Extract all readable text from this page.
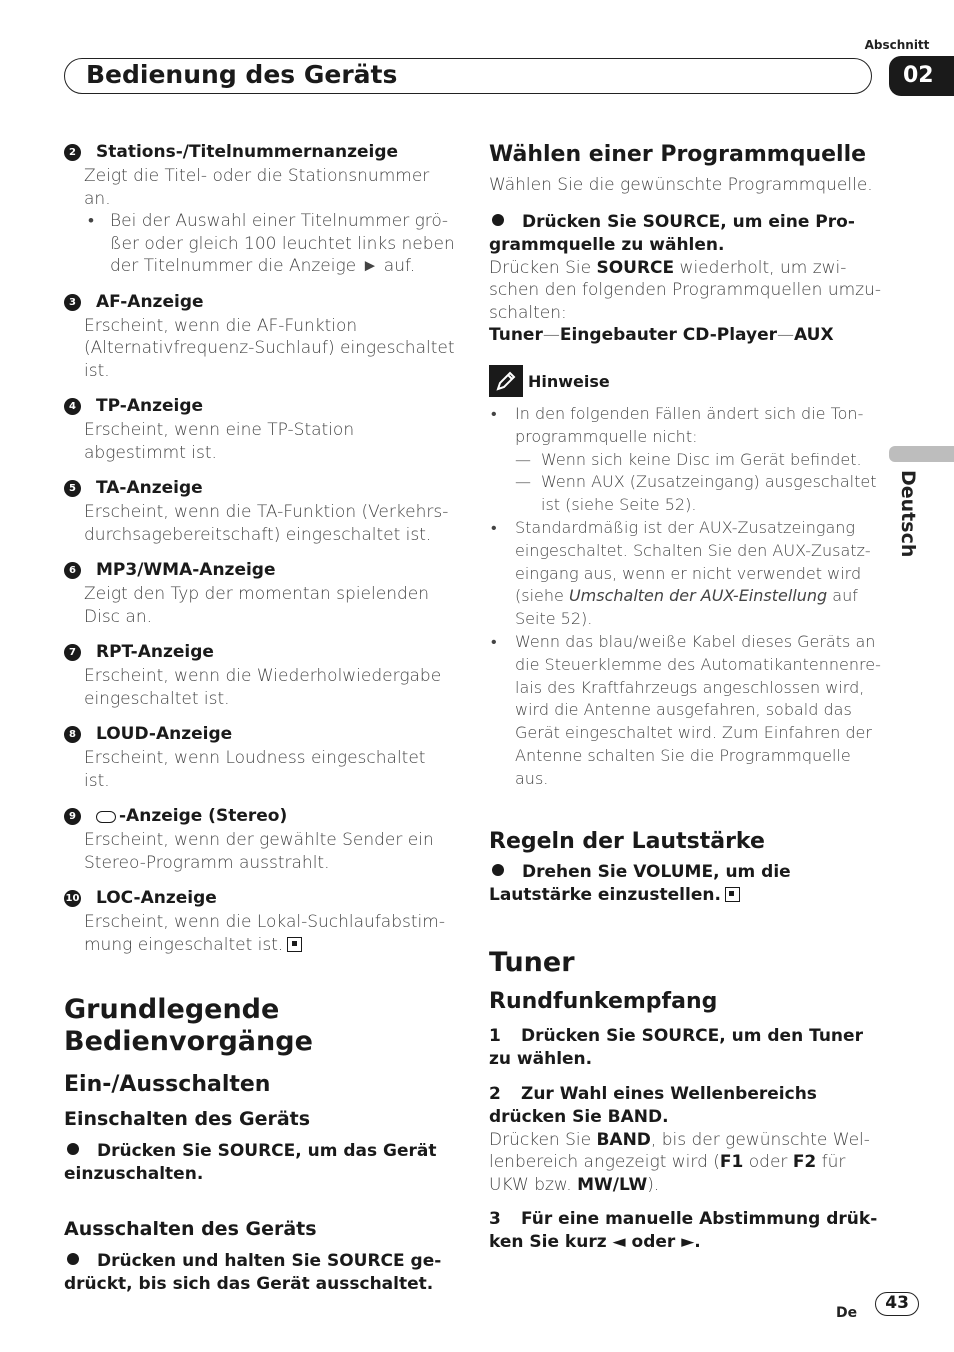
Abschnitt
Bedienung des Geräts	02
Deutsch
2 Stations-/Titelnummernanzeige
Zeigt die Titel- oder die Stationsnummer an.
• Bei der Auswahl einer Titelnummer größer oder gleich 100 leuchtet links neben der Titelnummer die Anzeige ► auf.
3 AF-Anzeige
Erscheint, wenn die AF-Funktion (Alternativfrequenz-Suchlauf) eingeschaltet ist.
4 TP-Anzeige
Erscheint, wenn eine TP-Station abgestimmt ist.
5 TA-Anzeige
Erscheint, wenn die TA-Funktion (Verkehrsdurchsagebereitschaft) eingeschaltet ist.
6 MP3/WMA-Anzeige
Zeigt den Typ der momentan spielenden Disc an.
7 RPT-Anzeige
Erscheint, wenn die Wiederholwiedergabe eingeschaltet ist.
8 LOUD-Anzeige
Erscheint, wenn Loudness eingeschaltet ist.
9	-Anzeige (Stereo)
Erscheint, wenn der gewählte Sender ein Stereo-Programm ausstrahlt.
10 LOC-Anzeige
Erscheint, wenn die Lokal-Suchlaufabstimmung eingeschaltet ist.
Grundlegende Bedienvorgänge
Ein-/Ausschalten
Einschalten des Geräts
Drücken Sie SOURCE, um das Gerät einzuschalten.
Ausschalten des Geräts
Drücken und halten Sie SOURCE gedrückt, bis sich das Gerät ausschaltet.
Wählen einer Programmquelle
Wählen Sie die gewünschte Programmquelle.
Drücken Sie SOURCE, um eine Programmquelle zu wählen.
Drücken Sie SOURCE wiederholt, um zwischen den folgenden Programmquellen umzuschalten:
Tuner—Eingebauter CD-Player—AUX
Hinweise
• In den folgenden Fällen ändert sich die Tonprogrammquelle nicht:
— Wenn sich keine Disc im Gerät befindet.
— Wenn AUX (Zusatzeingang) ausgeschaltet ist (siehe Seite 52).
• Standardmäßig ist der AUX-Zusatzeingang eingeschaltet. Schalten Sie den AUX-Zusatzeingang aus, wenn er nicht verwendet wird (siehe Umschalten der AUX-Einstellung auf Seite 52).
• Wenn das blau/weiße Kabel dieses Geräts an die Steuerklemme des Automatikantennenrelais des Kraftfahrzeugs angeschlossen wird, wird die Antenne ausgefahren, sobald das Gerät eingeschaltet wird. Zum Einfahren der Antenne schalten Sie die Programmquelle aus.
Regeln der Lautstärke
Drehen Sie VOLUME, um die Lautstärke einzustellen.
Tuner
Rundfunkempfang
1 Drücken Sie SOURCE, um den Tuner zu wählen.
2 Zur Wahl eines Wellenbereichs drücken Sie BAND.
Drücken Sie BAND, bis der gewünschte Wellenbereich angezeigt wird (F1 oder F2 für UKW bzw. MW/LW).
3 Für eine manuelle Abstimmung drükken Sie kurz ◄ oder ►.
De	43
